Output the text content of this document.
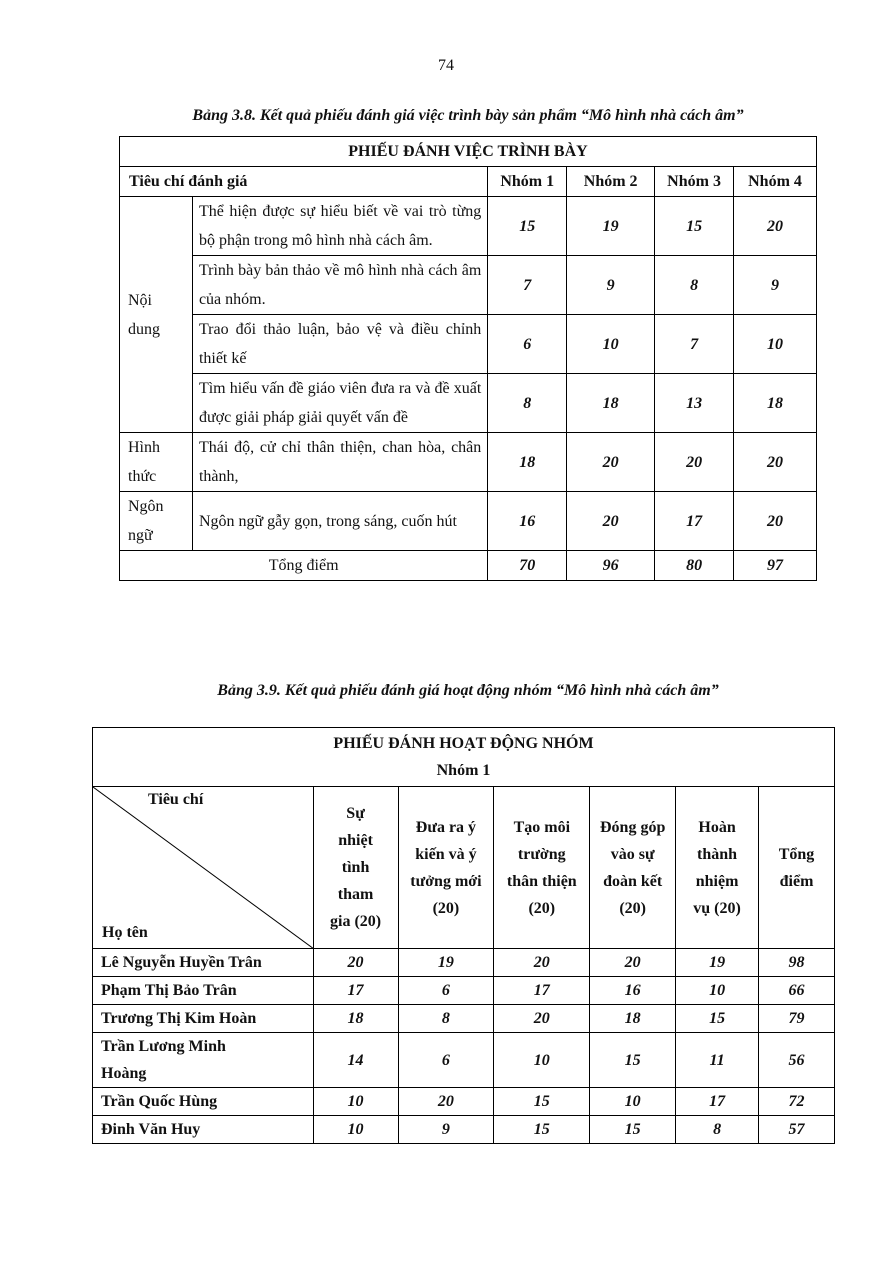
74
Bảng 3.8. Kết quả phiếu đánh giá việc trình bày sản phẩm “Mô hình nhà cách âm”
PHIẾU ĐÁNH VIỆC TRÌNH BÀY					
Tiêu chí đánh giá		Nhóm 1	Nhóm 2	Nhóm 3	Nhóm 4
Nội dung	Thể hiện được sự hiểu biết về vai trò từng bộ phận trong mô hình nhà cách âm.	15	19	15	20
	Trình bày bản thảo về mô hình nhà cách âm của nhóm.	7	9	8	9
	Trao đổi thảo luận, bảo vệ và điều chỉnh thiết kế	6	10	7	10
	Tìm hiểu vấn đề giáo viên đưa ra và đề xuất được giải pháp giải quyết vấn đề	8	18	13	18
Hình thức	Thái độ, cử chỉ thân thiện, chan hòa, chân thành,	18	20	20	20
Ngôn ngữ	Ngôn ngữ gẫy gọn, trong sáng, cuốn hút	16	20	17	20
Tổng điểm		70	96	80	97
Bảng 3.9. Kết quả phiếu đánh giá hoạt động nhóm “Mô hình nhà cách âm”
PHIẾU ĐÁNH HOẠT ĐỘNG NHÓM
Nhóm 1						

Tiêu chí
Họ tên	Sự nhiệt tình tham gia (20)	Đưa ra ý kiến và ý tưởng mới (20)	Tạo môi trường thân thiện (20)	Đóng góp vào sự đoàn kết (20)	Hoàn thành nhiệm vụ (20)	Tổng điểm
Lê Nguyễn Huyền Trân	20	19	20	20	19	98
Phạm Thị Bảo Trân	17	6	17	16	10	66
Trương Thị Kim Hoàn	18	8	20	18	15	79
Trần Lương Minh Hoàng	14	6	10	15	11	56
Trần Quốc Hùng	10	20	15	10	17	72
Đinh Văn Huy	10	9	15	15	8	57
